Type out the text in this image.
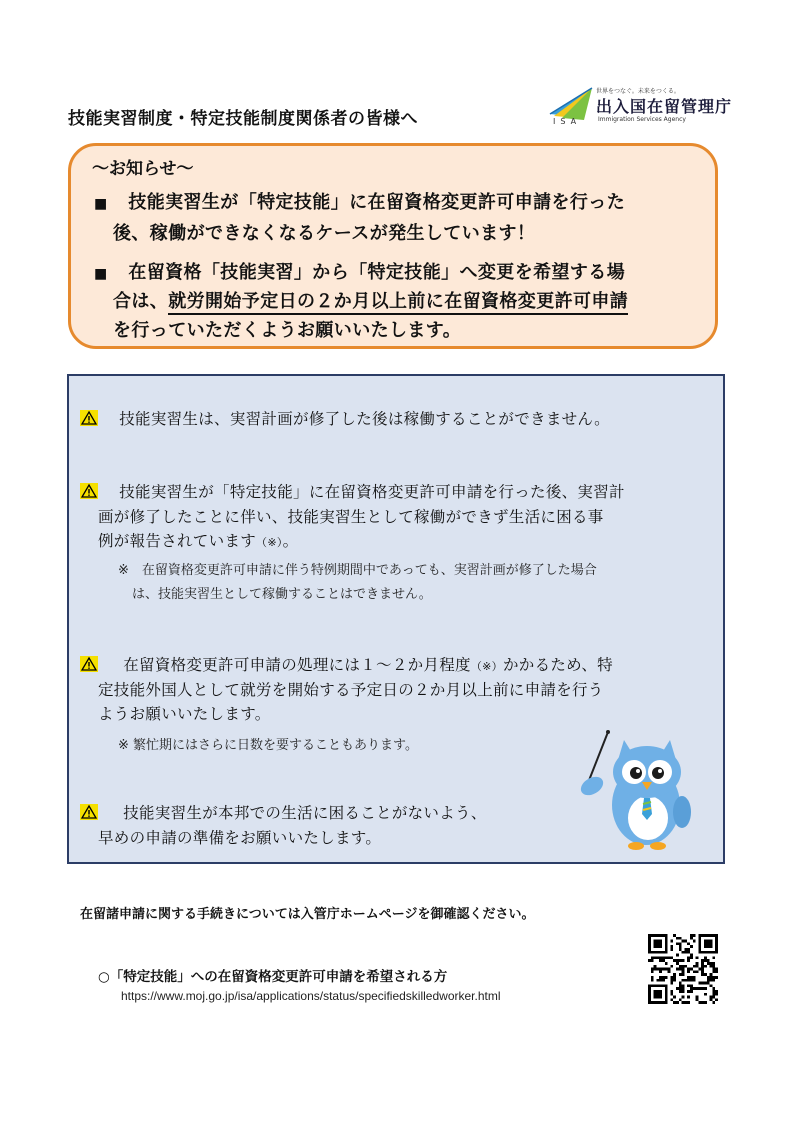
技能実習制度・特定技能制度関係者の皆様へ
世界をつなぐ。未来をつくる。
出入国在留管理庁
Immigration Services Agency
ISA
～お知らせ～
■ 技能実習生が「特定技能」に在留資格変更許可申請を行った
後、稼働ができなくなるケースが発生しています！
■ 在留資格「技能実習」から「特定技能」へ変更を希望する場
合は、就労開始予定日の２か月以上前に在留資格変更許可申請
を行っていただくようお願いいたします。
技能実習生は、実習計画が修了した後は稼働することができません。
技能実習生が「特定技能」に在留資格変更許可申請を行った後、実習計
画が修了したことに伴い、技能実習生として稼働ができず生活に困る事
例が報告されています（※）。
※　在留資格変更許可申請に伴う特例期間中であっても、実習計画が修了した場合
は、技能実習生として稼働することはできません。
在留資格変更許可申請の処理には１～２か月程度（※）かかるため、特
定技能外国人として就労を開始する予定日の２か月以上前に申請を行う
ようお願いいたします。
※ 繁忙期にはさらに日数を要することもあります。
技能実習生が本邦での生活に困ることがないよう、
早めの申請の準備をお願いいたします。
在留諸申請に関する手続きについては入管庁ホームページを御確認ください。
○「特定技能」への在留資格変更許可申請を希望される方
https://www.moj.go.jp/isa/applications/status/specifiedskilledworker.html
